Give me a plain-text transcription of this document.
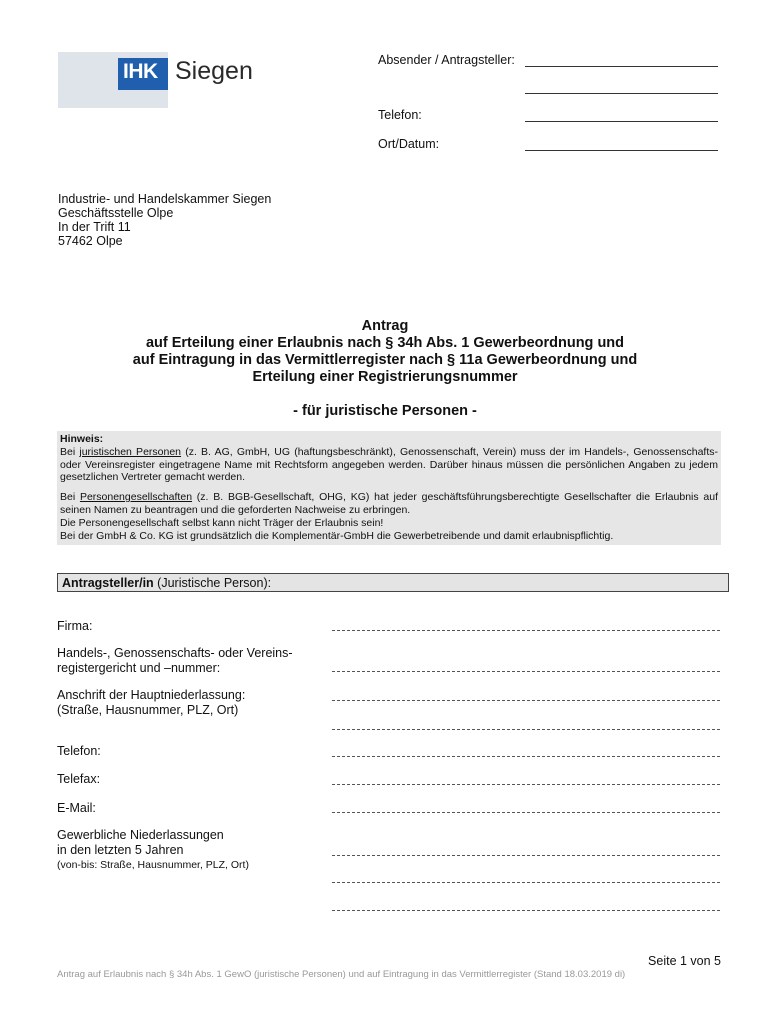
IHK Siegen	Absender / Antragsteller:
Telefon:
Ort/Datum:
Industrie- und Handelskammer Siegen
Geschäftsstelle Olpe
In der Trift 11
57462 Olpe
Antrag
auf Erteilung einer Erlaubnis nach § 34h Abs. 1 Gewerbeordnung und
auf Eintragung in das Vermittlerregister nach § 11a Gewerbeordnung und
Erteilung einer Registrierungsnummer
- für juristische Personen -

Hinweis:

Bei juristischen Personen (z. B. AG, GmbH, UG (haftungsbeschränkt), Genossenschaft, Verein) muss der im Handels-, Genossenschafts- oder Vereinsregister eingetragene Name mit Rechtsform angegeben werden. Darüber hinaus müssen die persönlichen Angaben zu jedem gesetzlichen Vertreter gemacht werden.

Bei Personengesellschaften (z. B. BGB-Gesellschaft, OHG, KG) hat jeder geschäftsführungsberechtigte Gesellschafter die Erlaubnis auf seinen Namen zu beantragen und die geforderten Nachweise zu erbringen.

Die Personengesellschaft selbst kann nicht Träger der Erlaubnis sein!

Bei der GmbH & Co. KG ist grundsätzlich die Komplementär-GmbH die Gewerbetreibende und damit erlaubnispflichtig.

Antragsteller/in (Juristische Person):
Firma:
Handels-, Genossenschafts- oder Vereins-
registergericht und –nummer:
Anschrift der Hauptniederlassung:
(Straße, Hausnummer, PLZ, Ort)
Telefon:
Telefax:
E-Mail:
Gewerbliche Niederlassungen
in den letzten 5 Jahren
(von-bis: Straße, Hausnummer, PLZ, Ort)
Seite 1 von 5
Antrag auf Erlaubnis nach § 34h Abs. 1 GewO (juristische Personen) und auf Eintragung in das Vermittlerregister (Stand 18.03.2019 di)
